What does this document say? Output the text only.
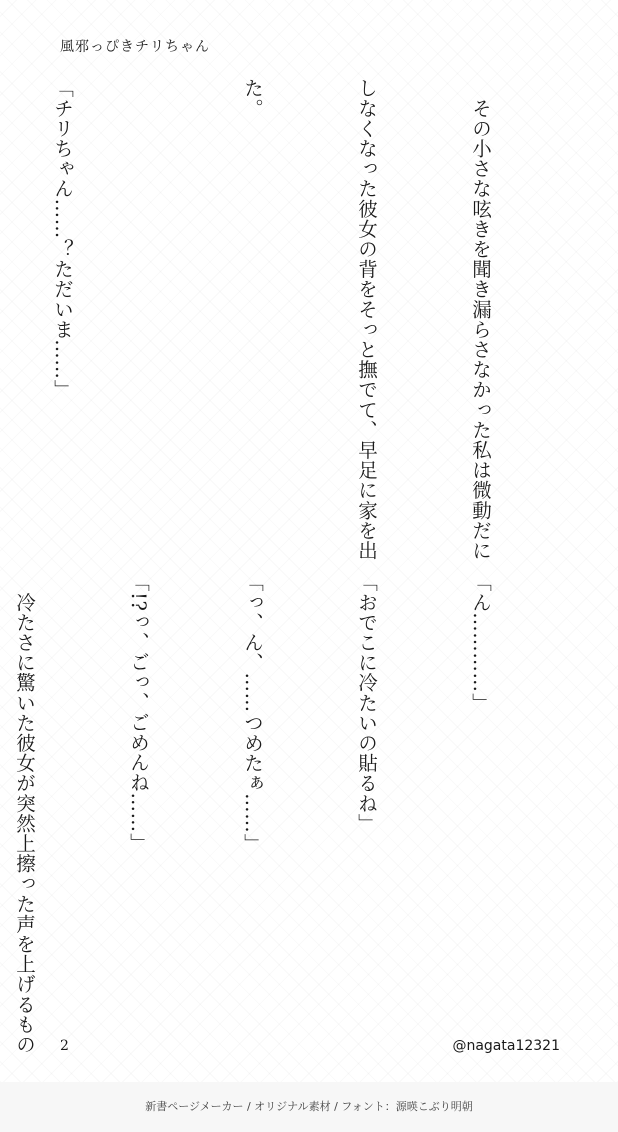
風邪っぴきチリちゃん

　その小さな呟きを聞き漏らさなかった私は微動だに

しなくなった彼女の背をそっと撫でて、早足に家を出

た。

「チリちゃん……？ただいま……」

「ん…………」

「おでこに冷たいの貼るね」

「っ、ん、……つめたぁ……」

「!?っ、ごっ、ごめんね……」

　冷たさに驚いた彼女が突然上擦った声を上げるもの

	2	@nagata12321
新書ページメーカー / オリジナル素材 / フォント：源暎こぶり明朝
